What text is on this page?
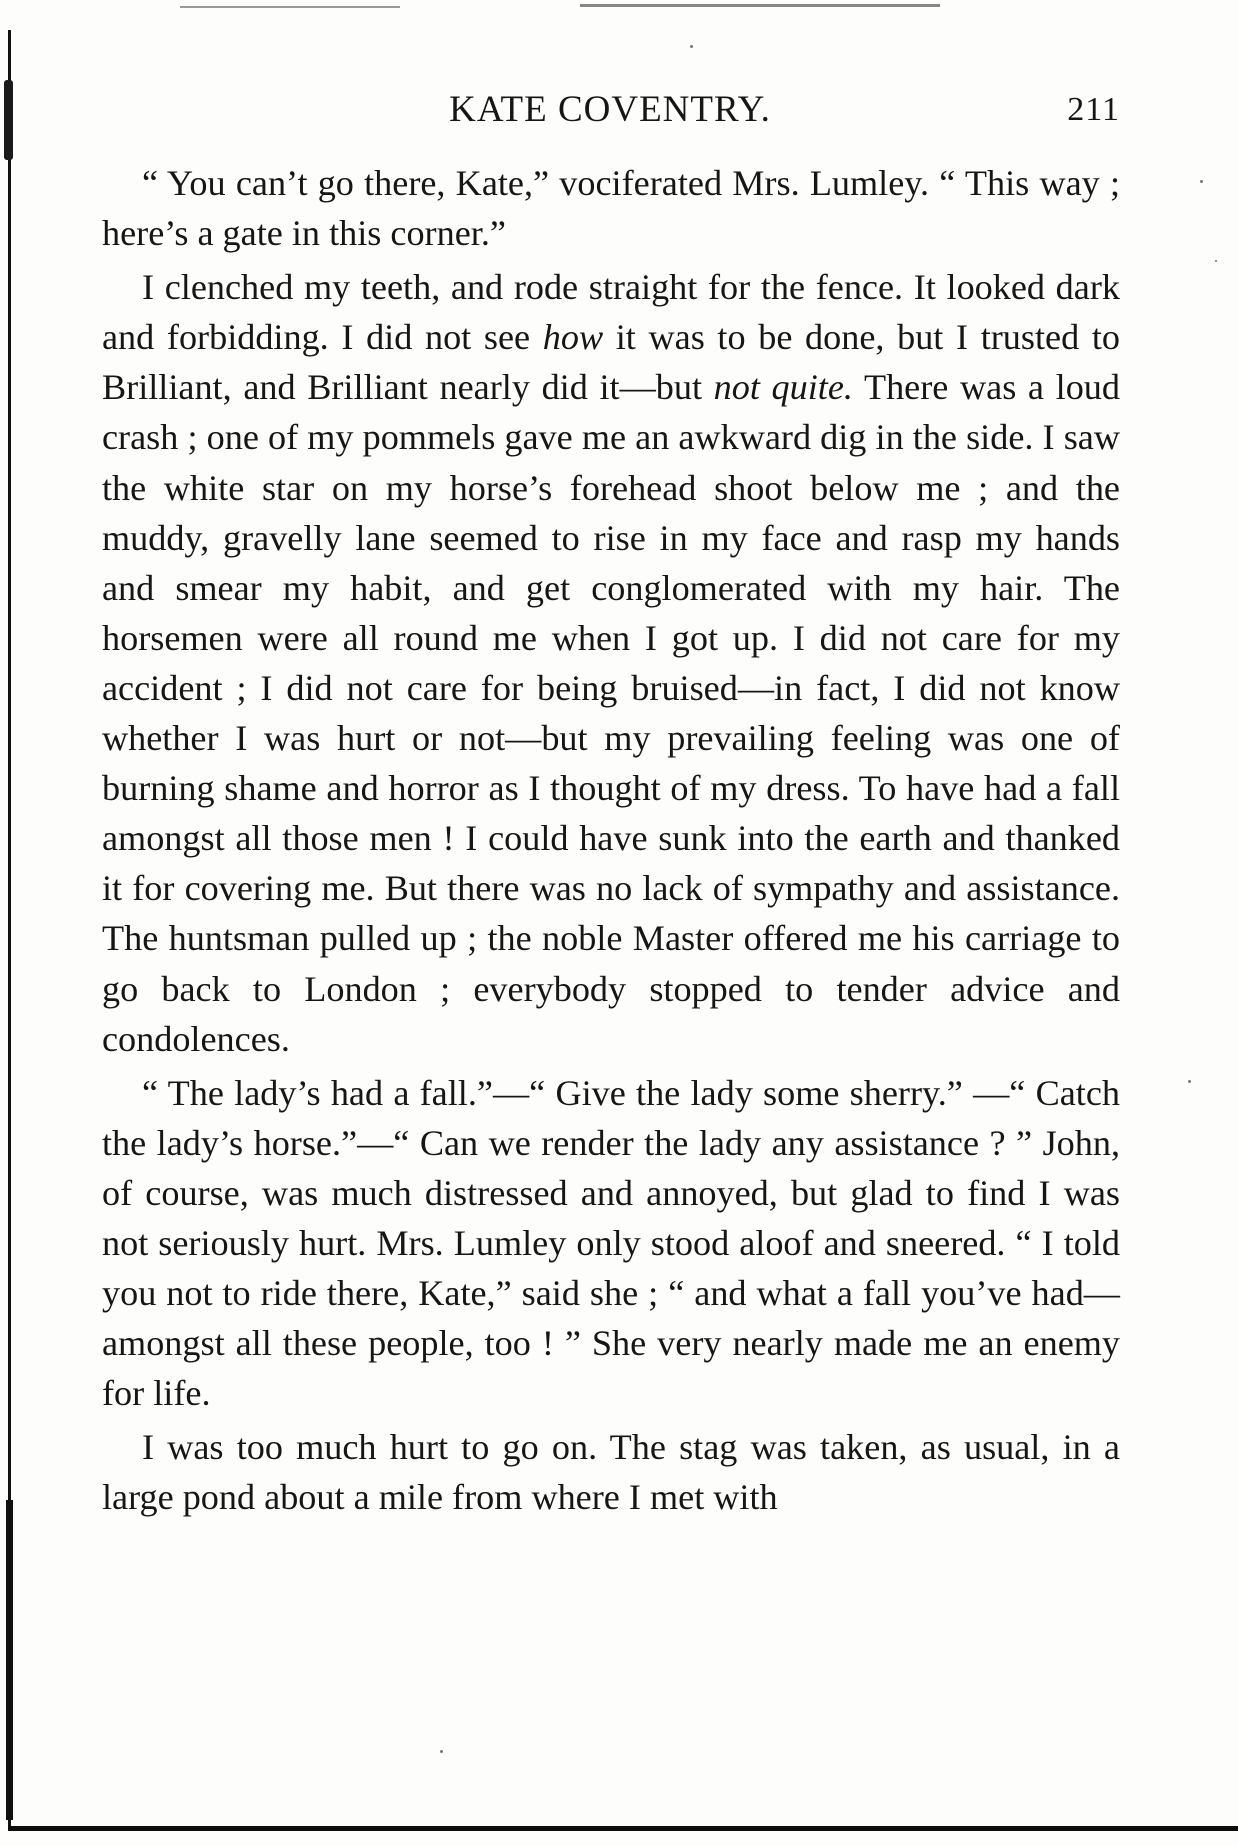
KATE COVENTRY.	211

“ You can’t go there, Kate,” vociferated Mrs. Lumley. “ This way ; here’s a gate in this corner.”

I clenched my teeth, and rode straight for the fence. It looked dark and forbidding. I did not see how it was to be done, but I trusted to Brilliant, and Brilliant nearly did it—but not quite. There was a loud crash ; one of my pommels gave me an awkward dig in the side. I saw the white star on my horse’s forehead shoot below me ; and the muddy, gravelly lane seemed to rise in my face and rasp my hands and smear my habit, and get conglomerated with my hair. The horsemen were all round me when I got up. I did not care for my accident ; I did not care for being bruised—in fact, I did not know whether I was hurt or not—but my prevailing feeling was one of burning shame and horror as I thought of my dress. To have had a fall amongst all those men ! I could have sunk into the earth and thanked it for covering me. But there was no lack of sympathy and assistance. The huntsman pulled up ; the noble Master offered me his carriage to go back to London ; everybody stopped to tender advice and condolences.

“ The lady’s had a fall.”—“ Give the lady some sherry.” —“ Catch the lady’s horse.”—“ Can we render the lady any assistance ? ” John, of course, was much distressed and annoyed, but glad to find I was not seriously hurt. Mrs. Lumley only stood aloof and sneered. “ I told you not to ride there, Kate,” said she ; “ and what a fall you’ve had—amongst all these people, too ! ” She very nearly made me an enemy for life.

I was too much hurt to go on. The stag was taken, as usual, in a large pond about a mile from where I met with
